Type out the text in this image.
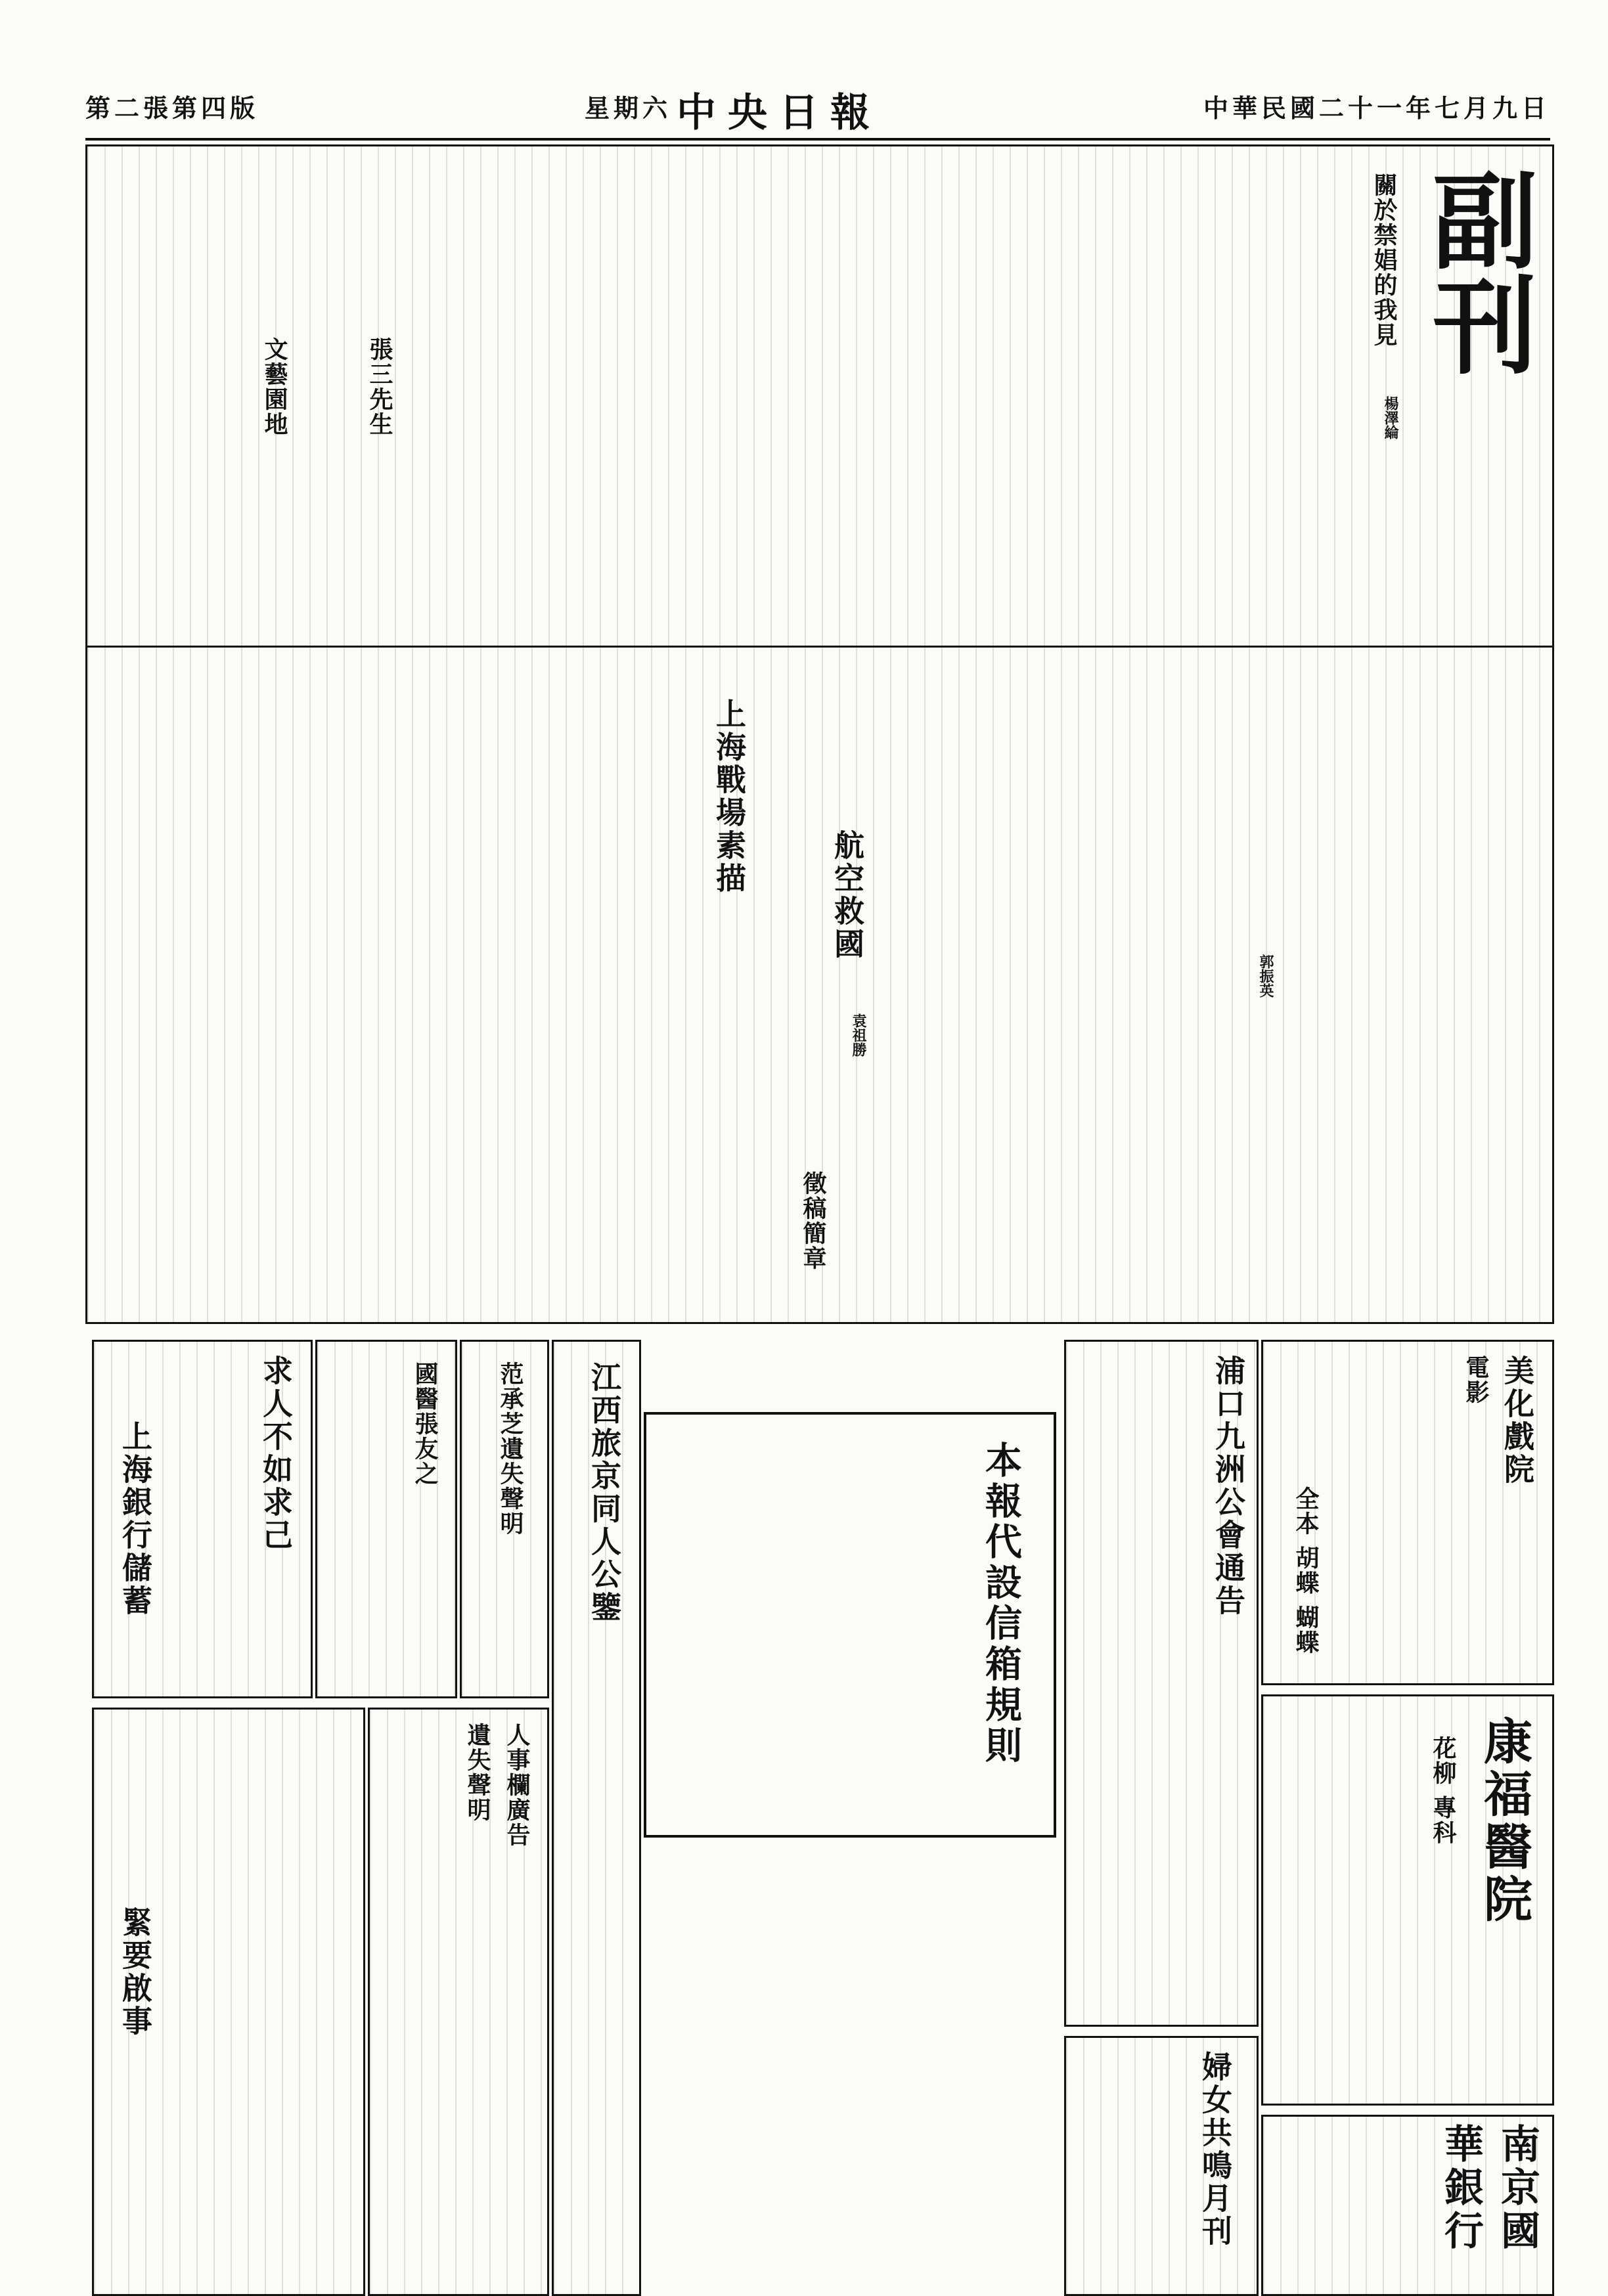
中華民國二十一年七月九日
中央日報
星期六
第二張第四版
副刊
關於禁娼的我見
楊澤綸
上海戰場素描
郭振英
航空救國
袁祖勝
文藝園地	張三先生
徵稿簡章
美化戲院
電影
全本 胡蝶 蝴蝶
康福醫院
花柳 專科
南京國華銀行
浦口九洲公會通告
婦女共鳴月刊
本報代設信箱規則
江西旅京同人公鑒
范承芝遺失聲明
國醫張友之
求人不如求己
上海銀行儲蓄
人事欄廣告
遺失聲明
緊要啟事
